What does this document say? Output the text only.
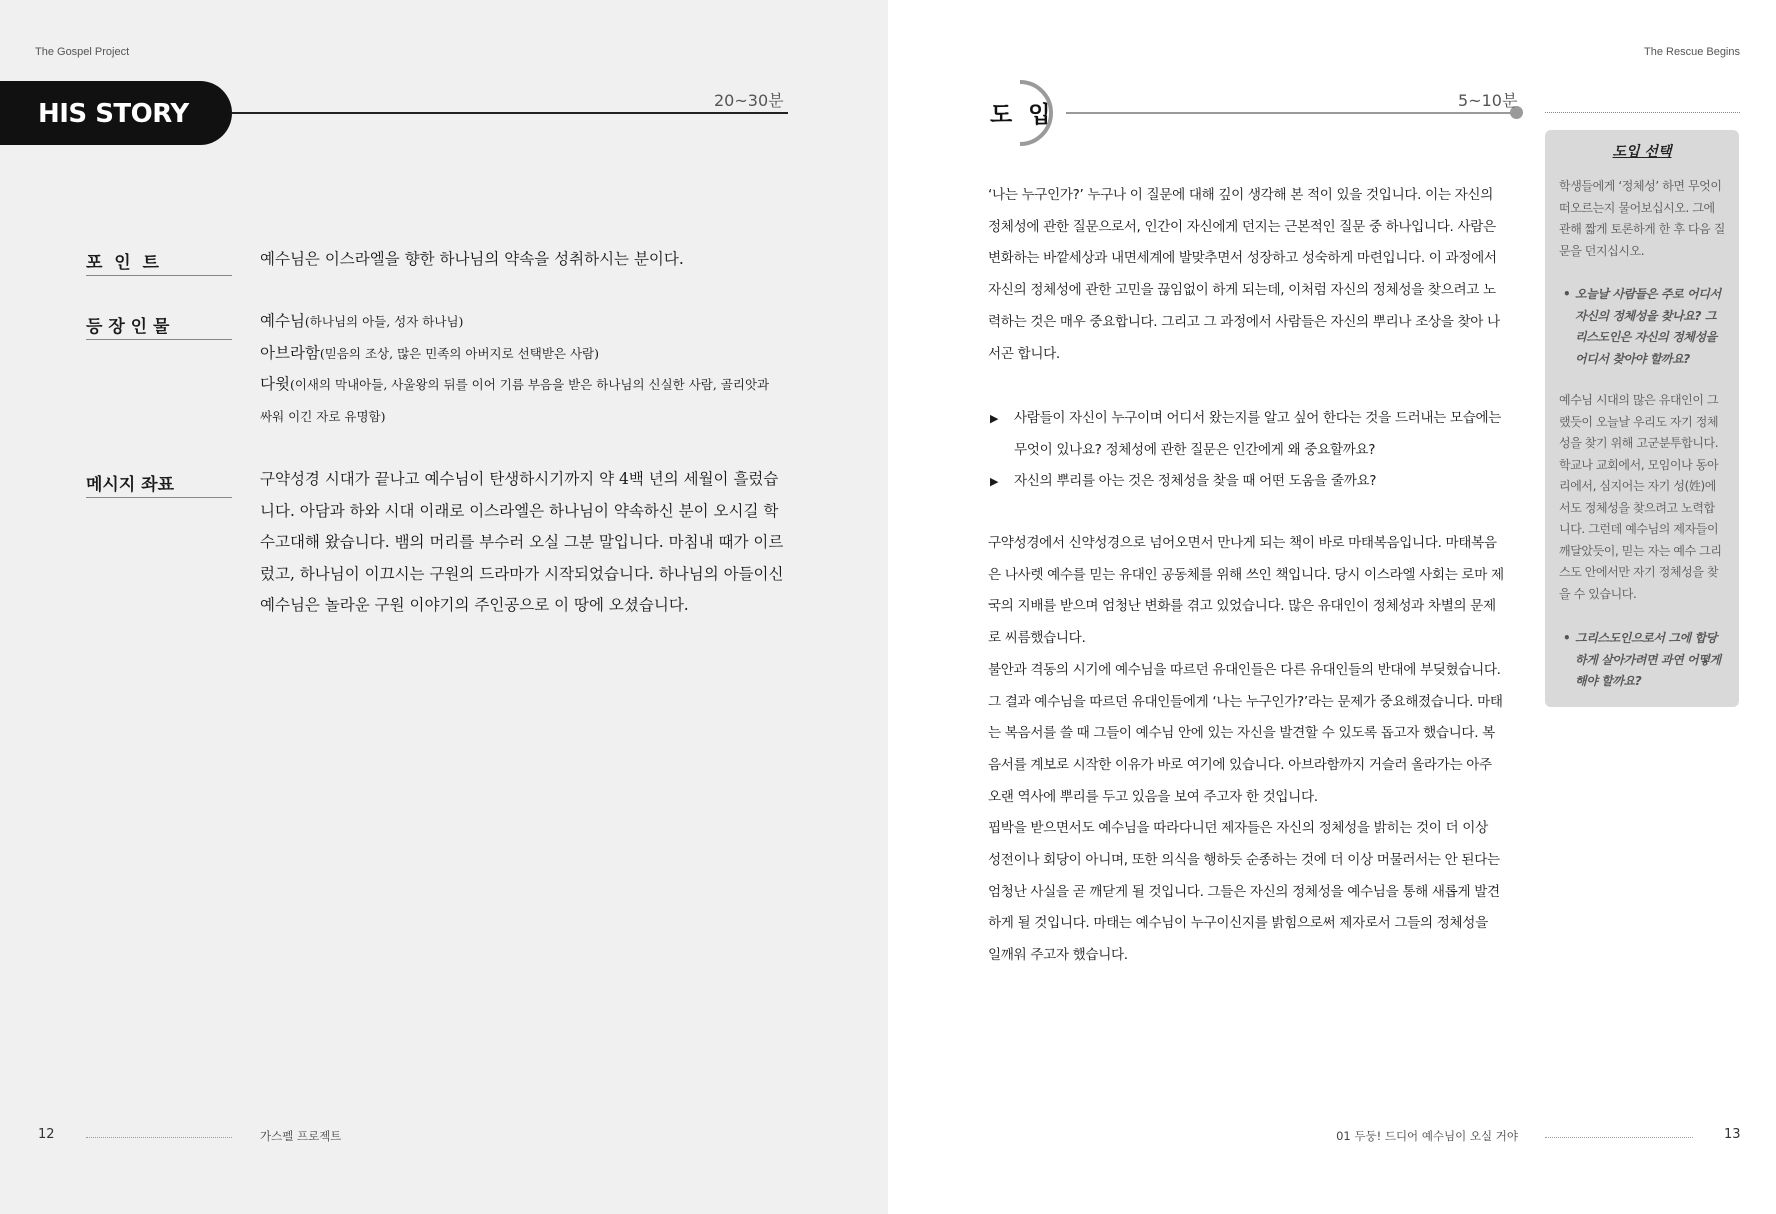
The Gospel Project
HIS STORY	20~30분
포  인  트	예수님은 이스라엘을 향한 하나님의 약속을 성취하시는 분이다.
등 장 인 물	예수님(하나님의 아들, 성자 하나님)
아브라함(믿음의 조상, 많은 민족의 아버지로 선택받은 사람)
다윗(이새의 막내아들, 사울왕의 뒤를 이어 기름 부음을 받은 하나님의 신실한 사람, 골리앗과
싸워 이긴 자로 유명함)
메시지 좌표	구약성경 시대가 끝나고 예수님이 탄생하시기까지 약 4백 년의 세월이 흘렀습
니다. 아담과 하와 시대 이래로 이스라엘은 하나님이 약속하신 분이 오시길 학
수고대해 왔습니다. 뱀의 머리를 부수러 오실 그분 말입니다. 마침내 때가 이르
렀고, 하나님이 이끄시는 구원의 드라마가 시작되었습니다. 하나님의 아들이신
예수님은 놀라운 구원 이야기의 주인공으로 이 땅에 오셨습니다.
12	가스펠 프로젝트
The Rescue Begins
도 입
5~10분
‘나는 누구인가?’ 누구나 이 질문에 대해 깊이 생각해 본 적이 있을 것입니다. 이는 자신의
정체성에 관한 질문으로서, 인간이 자신에게 던지는 근본적인 질문 중 하나입니다. 사람은
변화하는 바깥세상과 내면세계에 발맞추면서 성장하고 성숙하게 마련입니다. 이 과정에서
자신의 정체성에 관한 고민을 끊임없이 하게 되는데, 이처럼 자신의 정체성을 찾으려고 노
력하는 것은 매우 중요합니다. 그리고 그 과정에서 사람들은 자신의 뿌리나 조상을 찾아 나
서곤 합니다.
▶ 사람들이 자신이 누구이며 어디서 왔는지를 알고 싶어 한다는 것을 드러내는 모습에는
무엇이 있나요? 정체성에 관한 질문은 인간에게 왜 중요할까요?
▶ 자신의 뿌리를 아는 것은 정체성을 찾을 때 어떤 도움을 줄까요?
구약성경에서 신약성경으로 넘어오면서 만나게 되는 책이 바로 마태복음입니다. 마태복음
은 나사렛 예수를 믿는 유대인 공동체를 위해 쓰인 책입니다. 당시 이스라엘 사회는 로마 제
국의 지배를 받으며 엄청난 변화를 겪고 있었습니다. 많은 유대인이 정체성과 차별의 문제
로 씨름했습니다.
불안과 격동의 시기에 예수님을 따르던 유대인들은 다른 유대인들의 반대에 부딪혔습니다.
그 결과 예수님을 따르던 유대인들에게 ‘나는 누구인가?’라는 문제가 중요해졌습니다. 마태
는 복음서를 쓸 때 그들이 예수님 안에 있는 자신을 발견할 수 있도록 돕고자 했습니다. 복
음서를 계보로 시작한 이유가 바로 여기에 있습니다. 아브라함까지 거슬러 올라가는 아주
오랜 역사에 뿌리를 두고 있음을 보여 주고자 한 것입니다.
핍박을 받으면서도 예수님을 따라다니던 제자들은 자신의 정체성을 밝히는 것이 더 이상
성전이나 회당이 아니며, 또한 의식을 행하듯 순종하는 것에 더 이상 머물러서는 안 된다는
엄청난 사실을 곧 깨닫게 될 것입니다. 그들은 자신의 정체성을 예수님을 통해 새롭게 발견
하게 될 것입니다. 마태는 예수님이 누구이신지를 밝힘으로써 제자로서 그들의 정체성을
일깨워 주고자 했습니다.
도입 선택
학생들에게 ‘정체성’ 하면 무엇이
떠오르는지 물어보십시오. 그에
관해 짧게 토론하게 한 후 다음 질
문을 던지십시오.
• 오늘날 사람들은 주로 어디서
자신의 정체성을 찾나요? 그
리스도인은 자신의 정체성을
어디서 찾아야 할까요?
예수님 시대의 많은 유대인이 그
랬듯이 오늘날 우리도 자기 정체
성을 찾기 위해 고군분투합니다.
학교나 교회에서, 모임이나 동아
리에서, 심지어는 자기 성(姓)에
서도 정체성을 찾으려고 노력합
니다. 그런데 예수님의 제자들이
깨달았듯이, 믿는 자는 예수 그리
스도 안에서만 자기 정체성을 찾
을 수 있습니다.
• 그리스도인으로서 그에 합당
하게 살아가려면 과연 어떻게
해야 할까요?
01 두둥! 드디어 예수님이 오실 거야	13
